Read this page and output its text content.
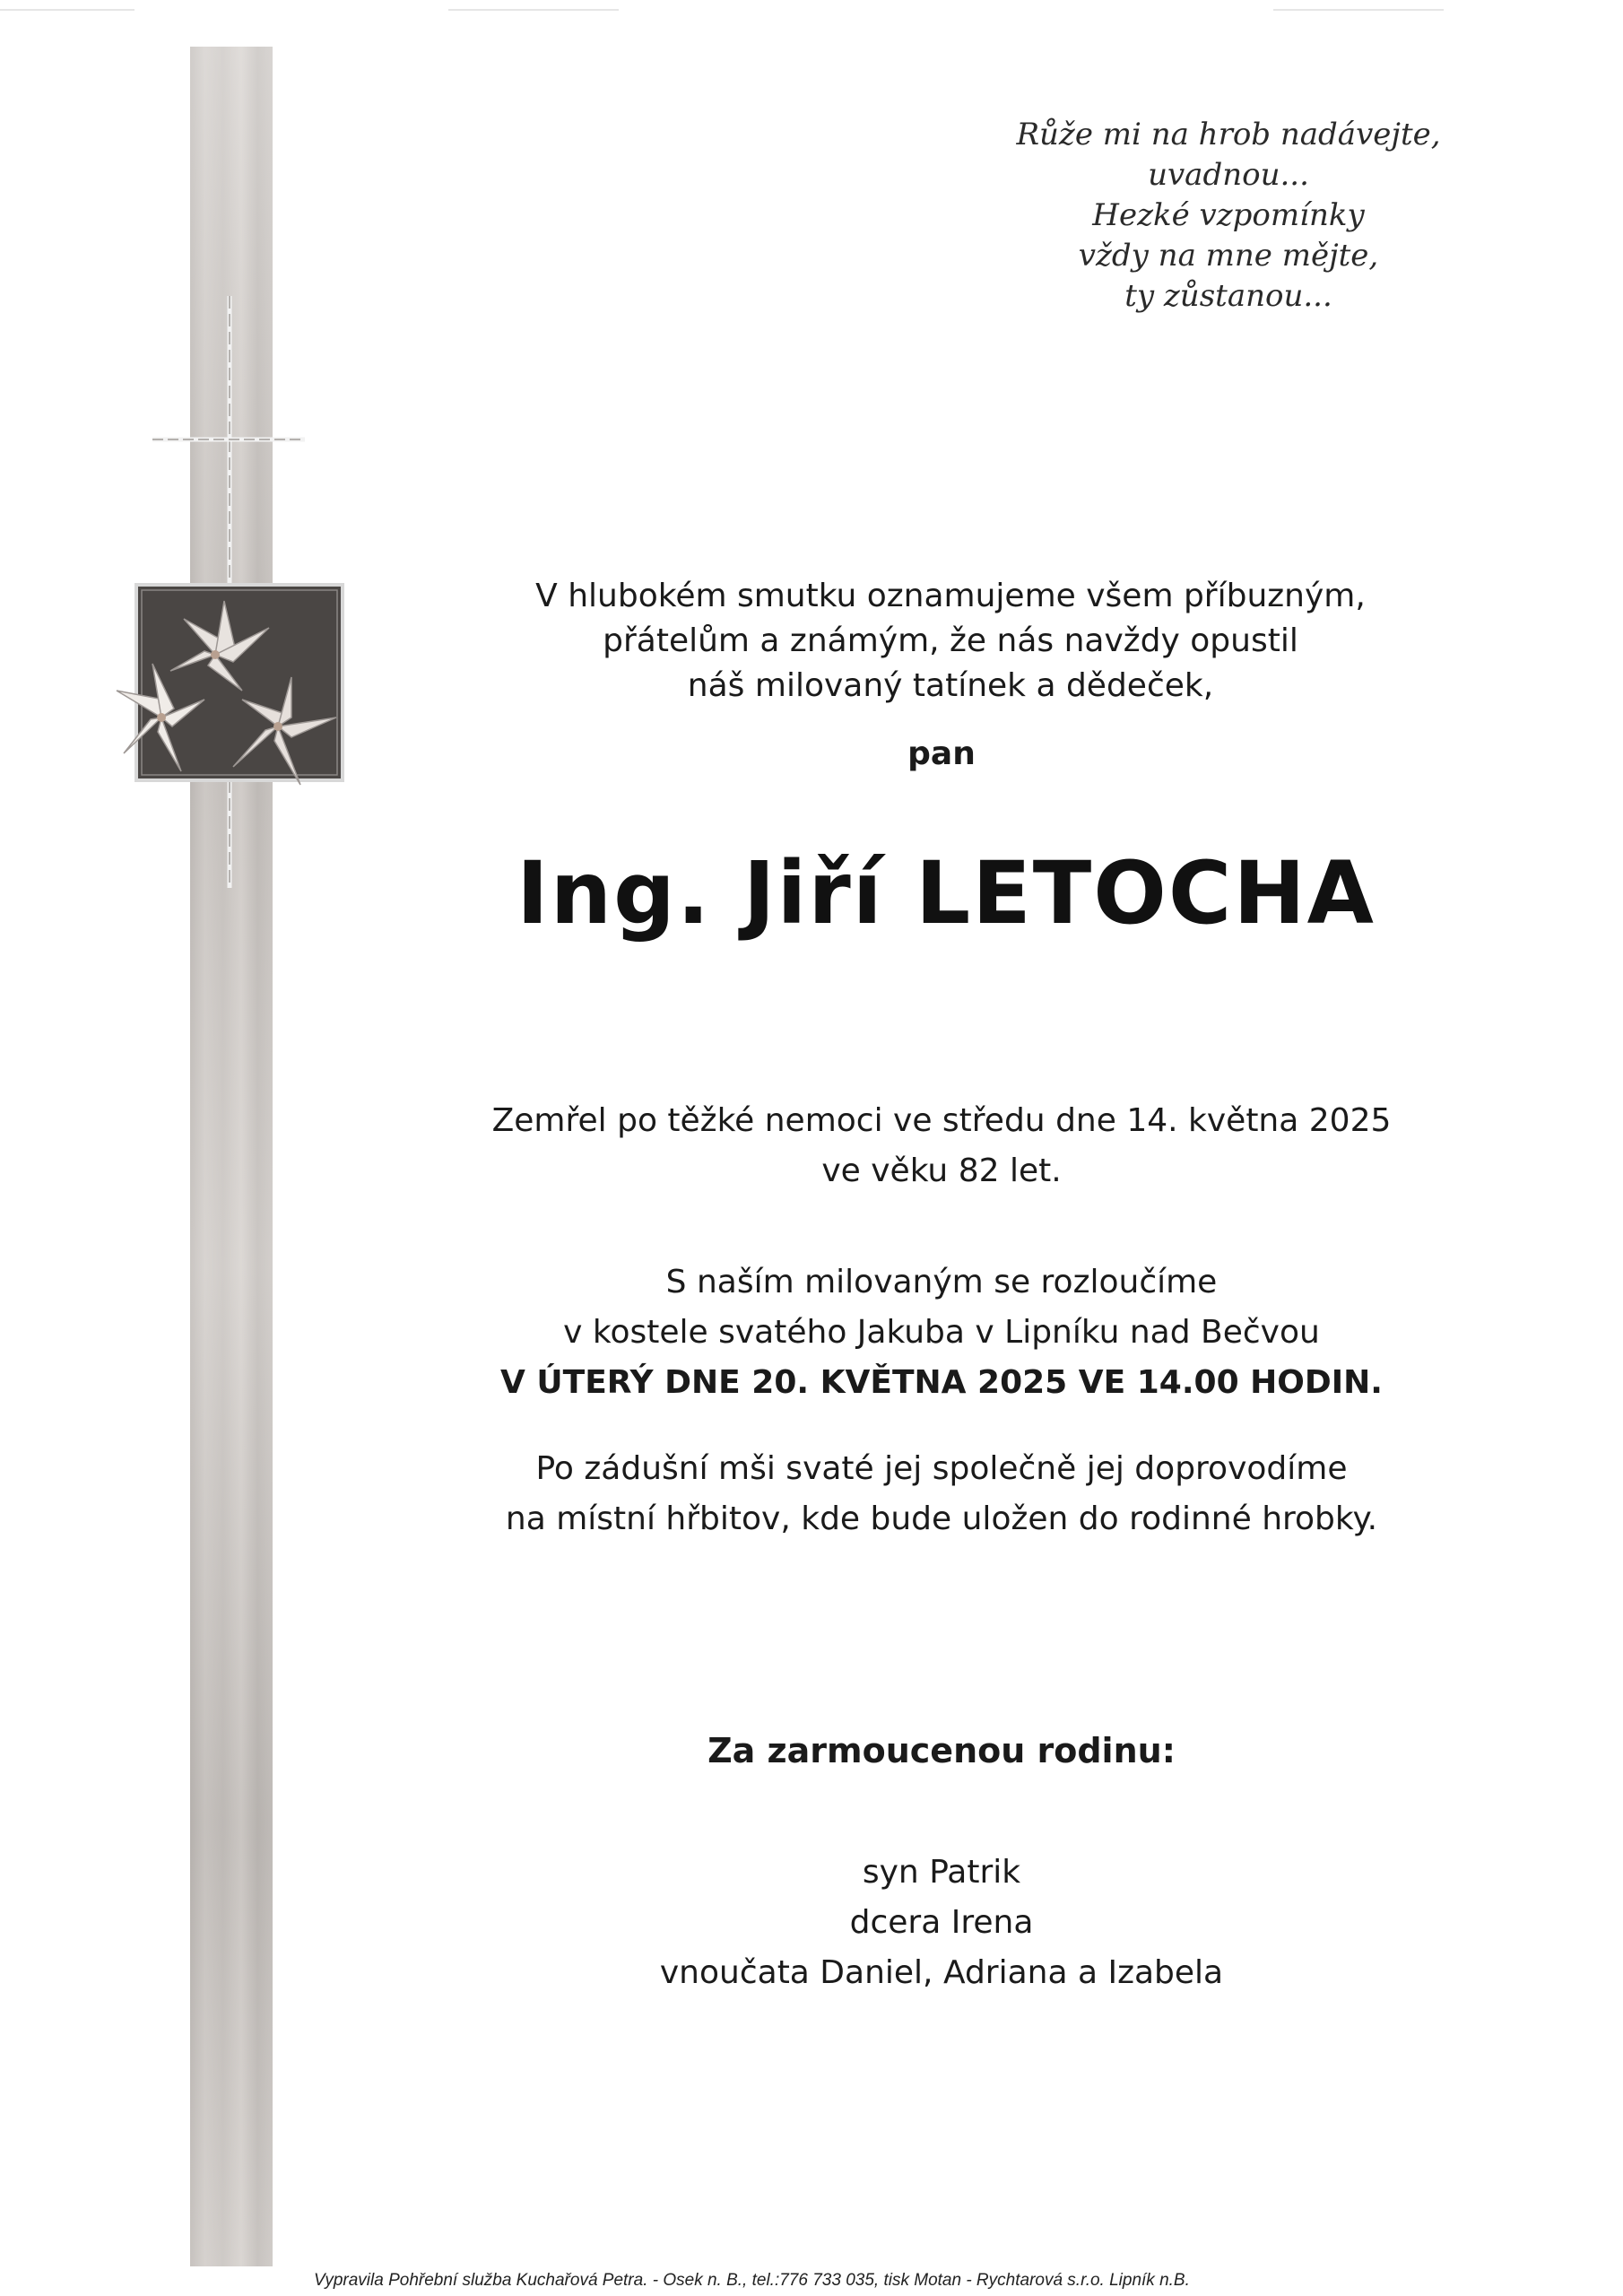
Růže mi na hrob nadávejte,
uvadnou...
Hezké vzpomínky
vždy na mne mějte,
ty zůstanou...
V hlubokém smutku oznamujeme všem příbuzným,
přátelům a známým, že nás navždy opustil
náš milovaný tatínek a dědeček,
pan
Ing. Jiří LETOCHA
Zemřel po těžké nemoci ve středu dne 14. května 2025
ve věku 82 let.
S naším milovaným se rozloučíme
v kostele svatého Jakuba v Lipníku nad Bečvou
V ÚTERÝ DNE 20. KVĚTNA 2025 VE 14.00 HODIN.
Po zádušní mši svaté jej společně jej doprovodíme
na místní hřbitov, kde bude uložen do rodinné hrobky.
Za zarmoucenou rodinu:
syn Patrik
dcera Irena
vnoučata Daniel, Adriana a Izabela
Vypravila Pohřební služba Kuchařová Petra. - Osek n. B., tel.:776 733 035, tisk Motan - Rychtarová s.r.o. Lipník n.B.
